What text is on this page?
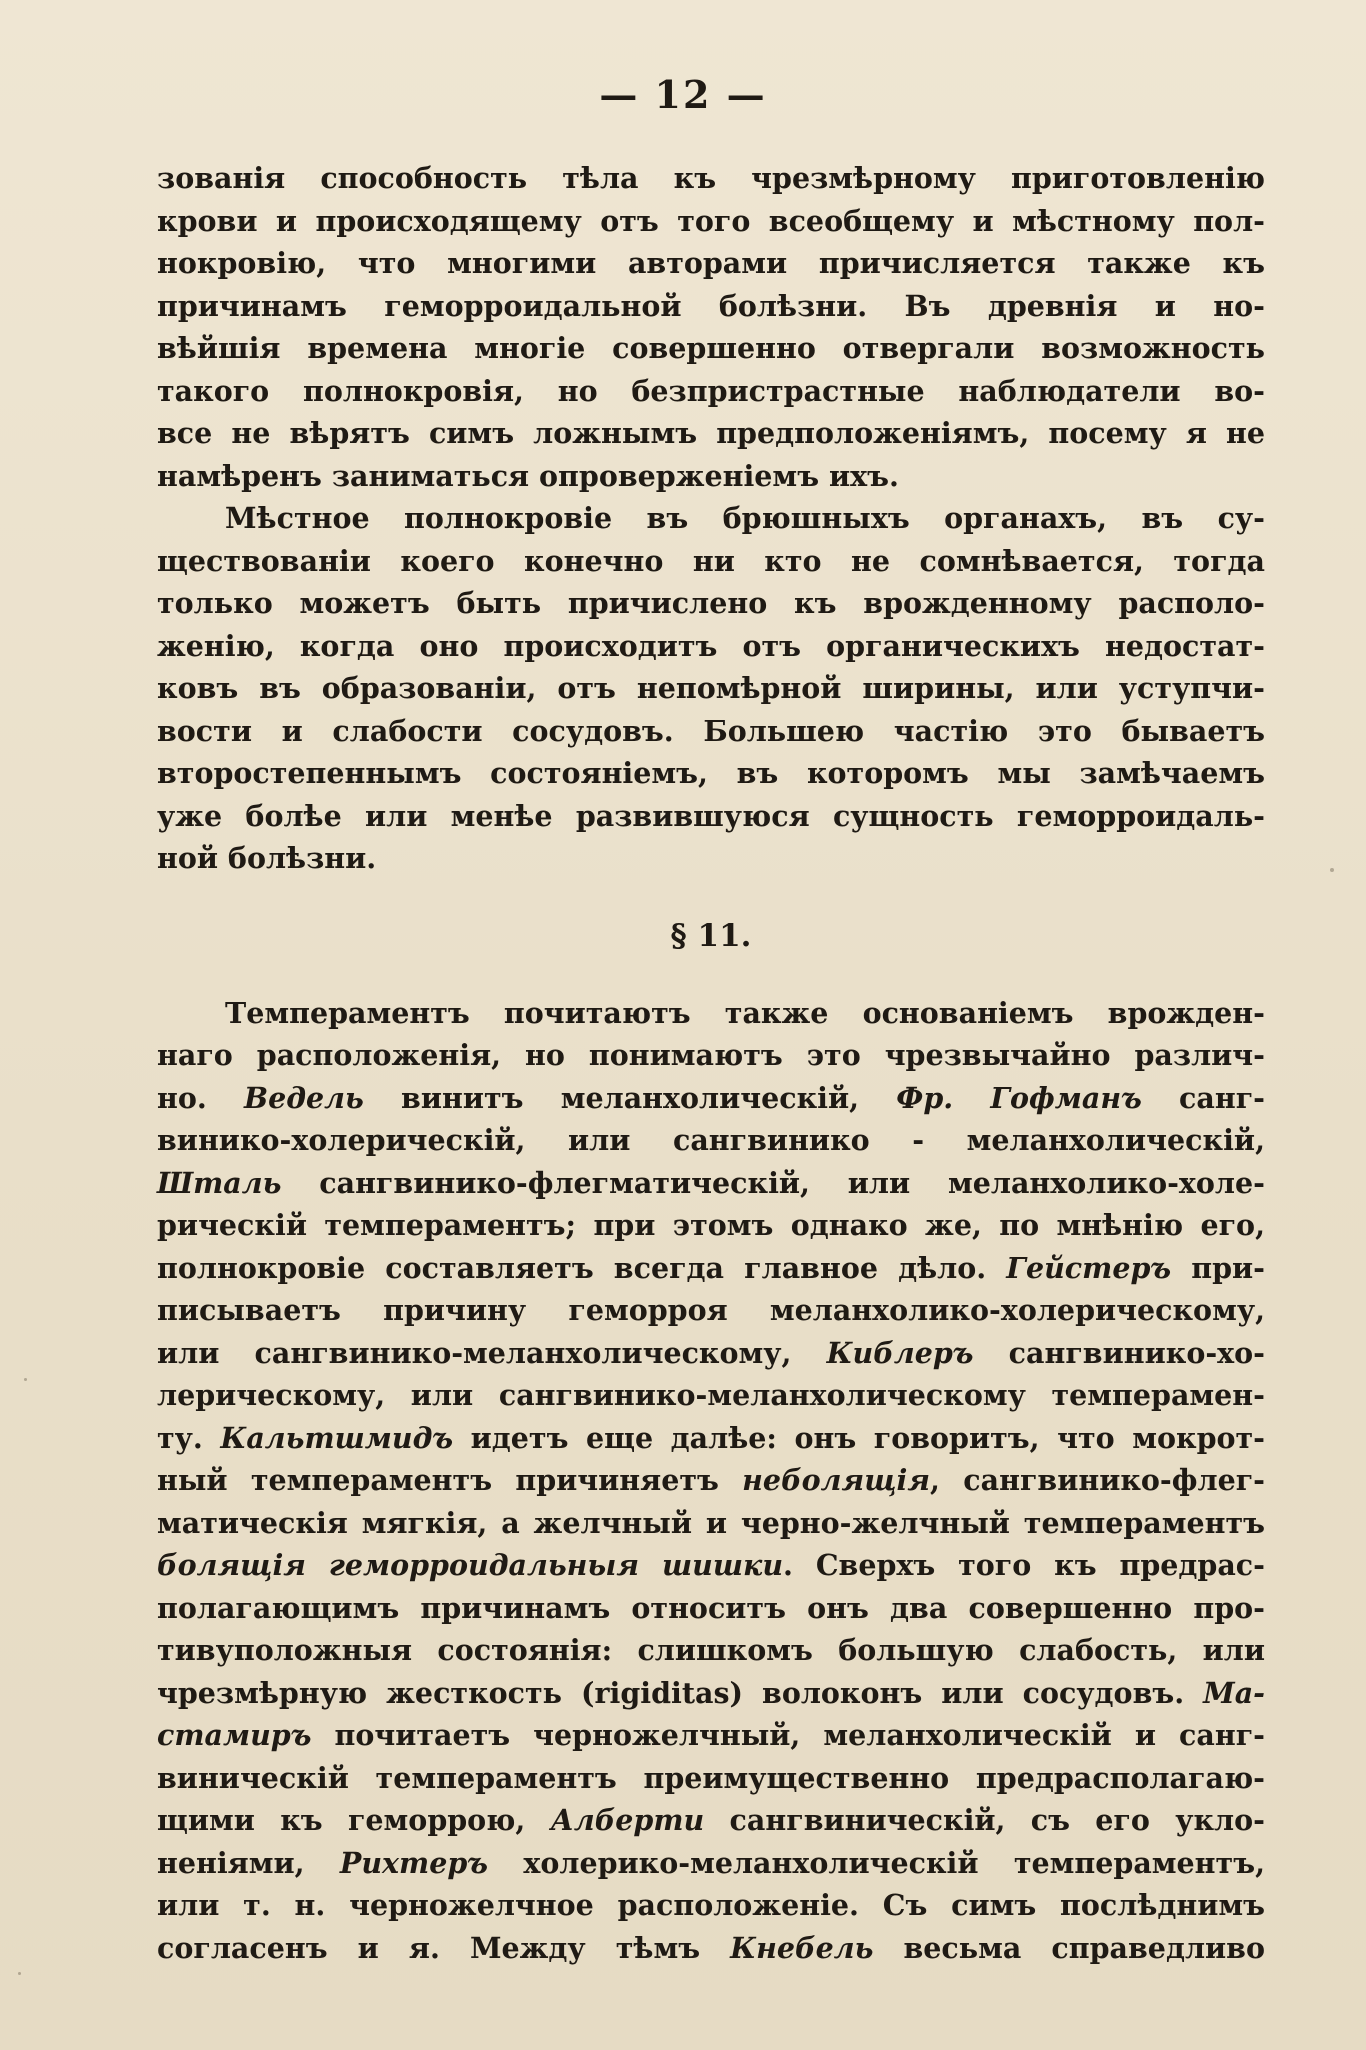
— 12 —
зованія способность тѣла къ чрезмѣрному приготовленію
крови и происходящему отъ того всеобщему и мѣстному пол-
нокровію, что многими авторами причисляется также къ
причинамъ геморроидальной болѣзни. Въ древнія и но-
вѣйшія времена многіе совершенно отвергали возможность
такого полнокровія, но безпристрастные наблюдатели во-
все не вѣрятъ симъ ложнымъ предположеніямъ, посему я не
намѣренъ заниматься опроверженіемъ ихъ.
Мѣстное полнокровіе въ брюшныхъ органахъ, въ су-
ществованіи коего конечно ни кто не сомнѣвается, тогда
только можетъ быть причислено къ врожденному располо-
женію, когда оно происходитъ отъ органическихъ недостат-
ковъ въ образованіи, отъ непомѣрной ширины, или уступчи-
вости и слабости сосудовъ. Большею частію это бываетъ
второстепеннымъ состояніемъ, въ которомъ мы замѣчаемъ
уже болѣе или менѣе развившуюся сущность геморроидаль-
ной болѣзни.
§ 11.
Темпераментъ почитаютъ также основаніемъ врожден-
наго расположенія, но понимаютъ это чрезвычайно различ-
но. Ведель винитъ меланхолическій, Фр. Гофманъ санг-
винико-холерическій, или сангвинико - меланхолическій,
Шталь сангвинико-флегматическій, или меланхолико-холе-
рическій темпераментъ; при этомъ однако же, по мнѣнію его,
полнокровіе составляетъ всегда главное дѣло. Гейстеръ при-
писываетъ причину геморроя меланхолико-холерическому,
или сангвинико-меланхолическому, Киблеръ сангвинико-хо-
лерическому, или сангвинико-меланхолическому темперамен-
ту. Кальтшмидъ идетъ еще далѣе: онъ говоритъ, что мокрот-
ный темпераментъ причиняетъ неболящія, сангвинико-флег-
матическія мягкія, а желчный и черно-желчный темпераментъ
болящія геморроидальныя шишки. Сверхъ того къ предрас-
полагающимъ причинамъ относитъ онъ два совершенно про-
тивуположныя состоянія: слишкомъ большую слабость, или
чрезмѣрную жесткость (rigiditas) волоконъ или сосудовъ. Ма-
стамиръ почитаетъ черножелчный, меланхолическій и санг-
виническій темпераментъ преимущественно предрасполагаю-
щими къ геморрою, Алберти сангвиническій, съ его укло-
неніями, Рихтеръ холерико-меланхолическій темпераментъ,
или т. н. черножелчное расположеніе. Съ симъ послѣднимъ
согласенъ и я. Между тѣмъ Кнебель весьма справедливо
